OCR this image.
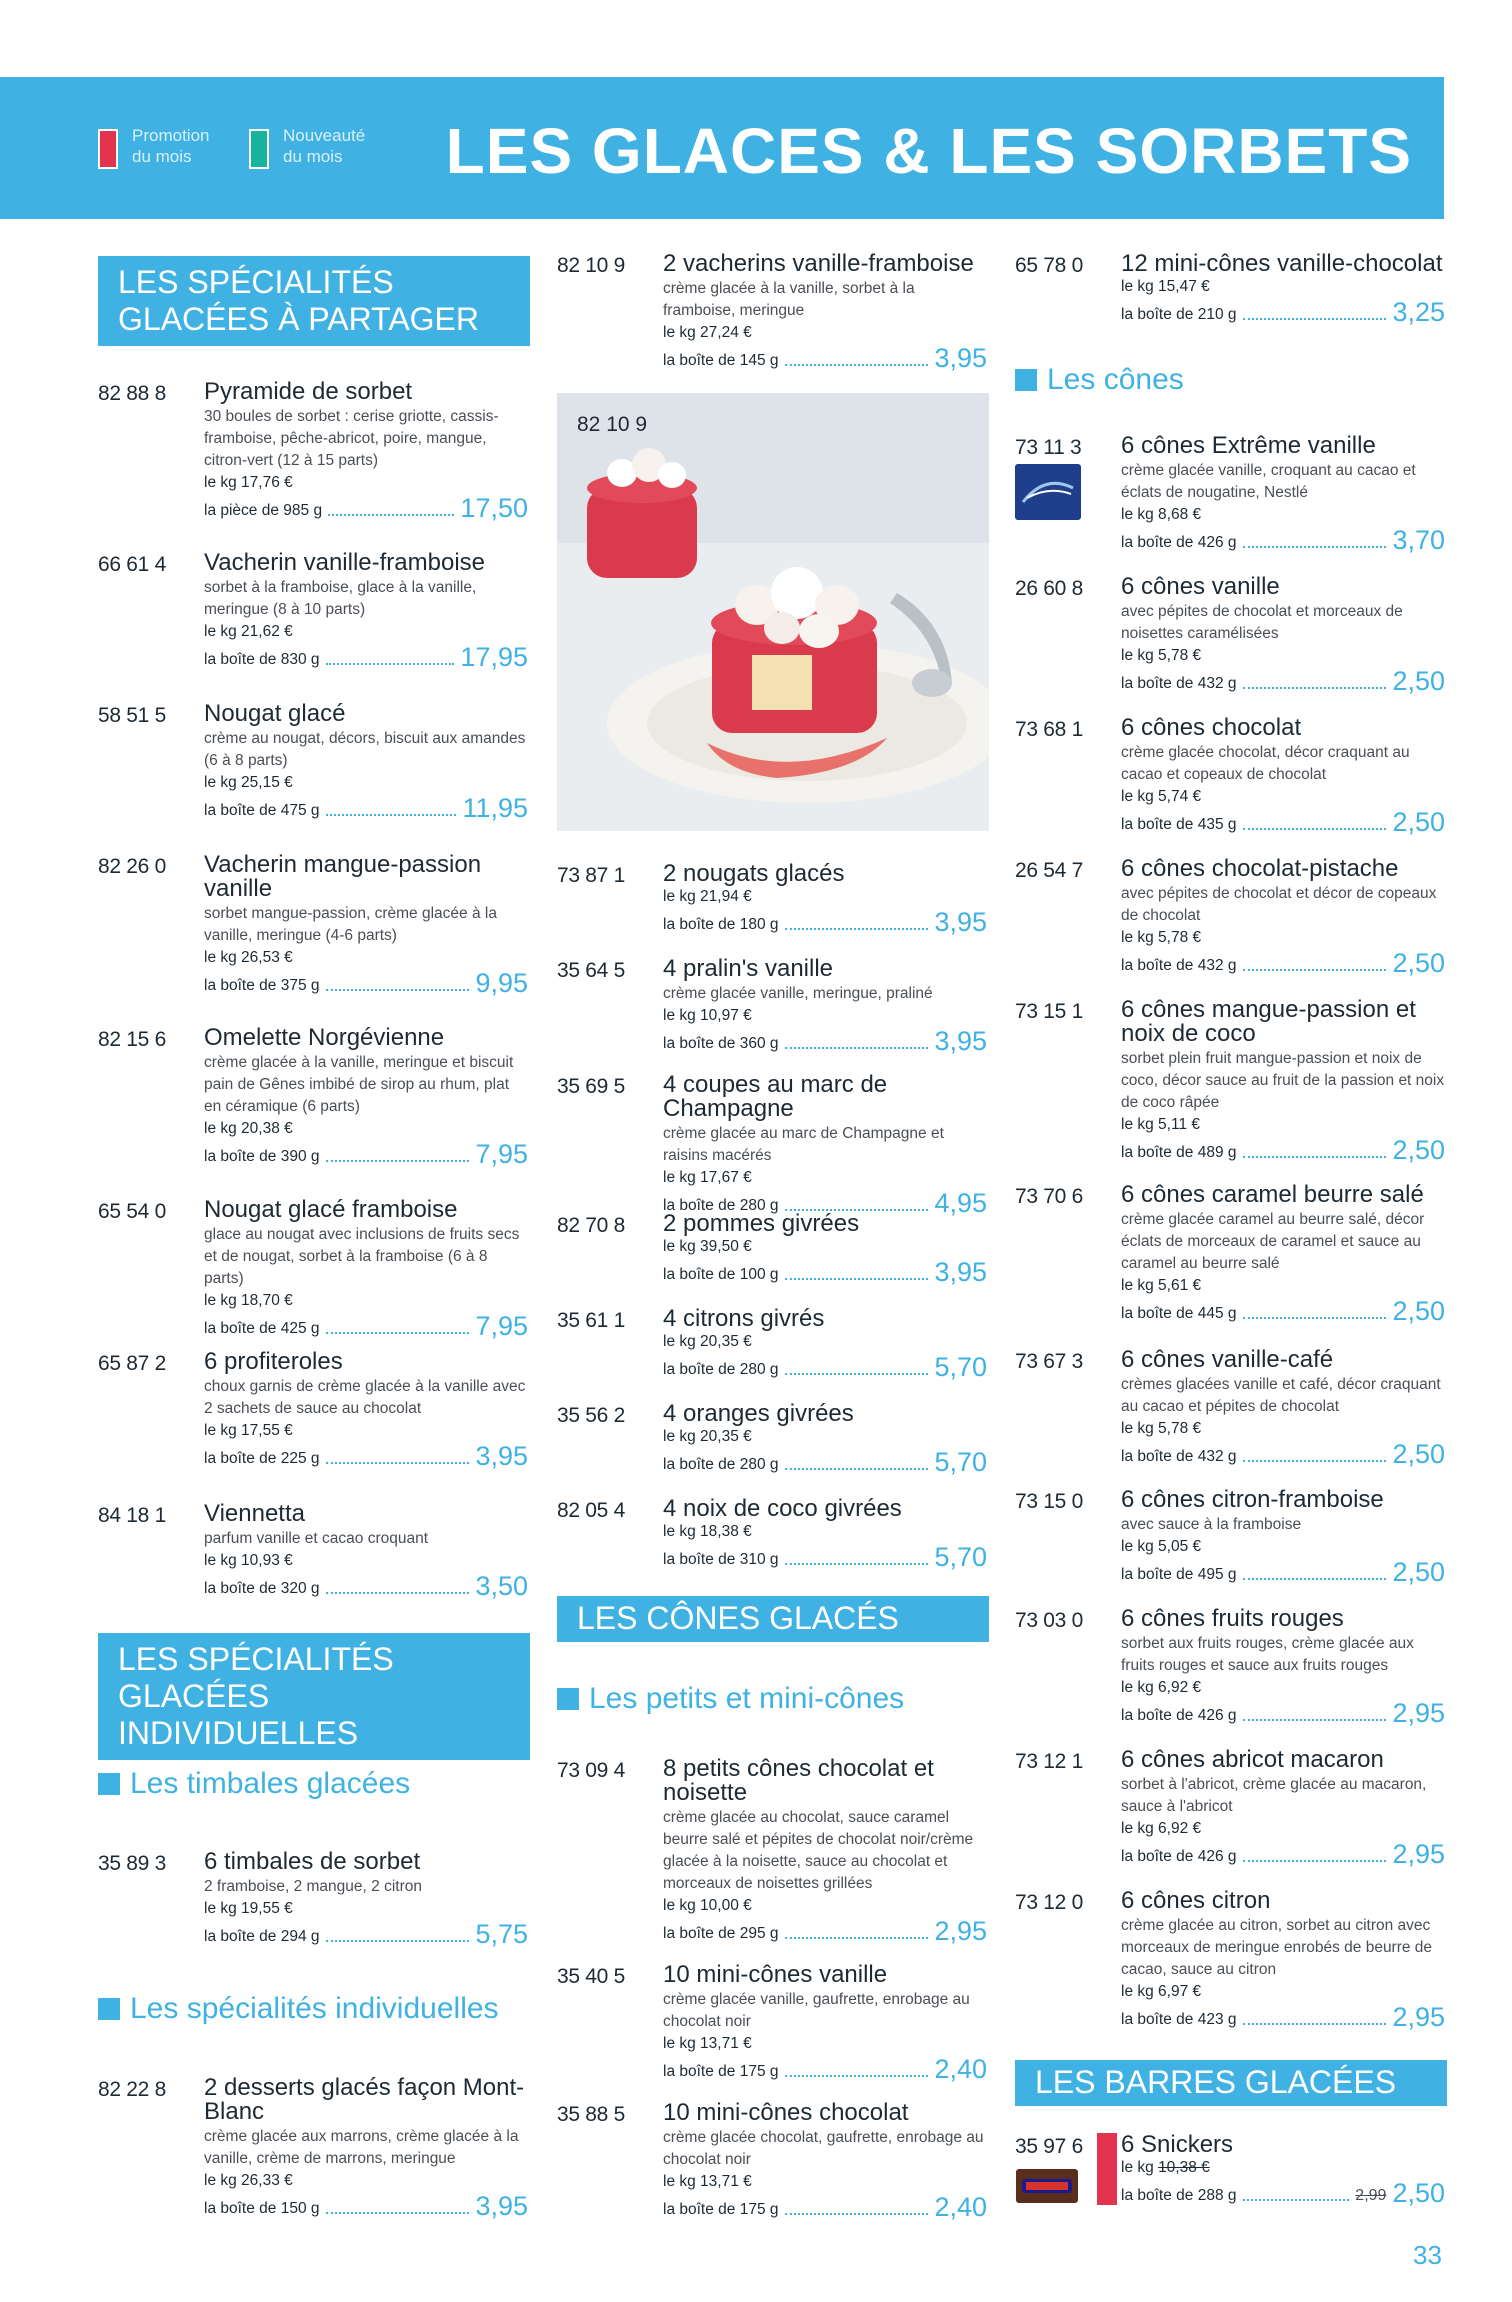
Promotion du mois
Nouveauté du mois	LES GLACES & LES SORBETS
LES SPÉCIALITÉS GLACÉES À PARTAGER
LES SPÉCIALITÉS GLACÉES INDIVIDUELLES
LES CÔNES GLACÉS
LES BARRES GLACÉES
Les timbales glacées
Les spécialités individuelles
Les petits et mini-cônes
Les cônes
82 10 9
82 88 8 Pyramide de sorbet
30 boules de sorbet : cerise griotte, cassis-framboise, pêche-abricot, poire, mangue, citron-vert (12 à 15 parts)
le kg 17,76 €
la pièce de 985 g	17,50
66 61 4 Vacherin vanille-framboise
sorbet à la framboise, glace à la vanille, meringue (8 à 10 parts)
le kg 21,62 €
la boîte de 830 g	17,95
58 51 5 Nougat glacé
crème au nougat, décors, biscuit aux amandes (6 à 8 parts)
le kg 25,15 €
la boîte de 475 g	11,95
82 26 0 Vacherin mangue-passion vanille
sorbet mangue-passion, crème glacée à la vanille, meringue (4-6 parts)
le kg 26,53 €
la boîte de 375 g	9,95
82 15 6 Omelette Norgévienne
crème glacée à la vanille, meringue et biscuit pain de Gênes imbibé de sirop au rhum, plat en céramique (6 parts)
le kg 20,38 €
la boîte de 390 g	7,95
65 54 0 Nougat glacé framboise
glace au nougat avec inclusions de fruits secs et de nougat, sorbet à la framboise (6 à 8 parts)
le kg 18,70 €
la boîte de 425 g	7,95
65 87 2 6 profiteroles
choux garnis de crème glacée à la vanille avec 2 sachets de sauce au chocolat
le kg 17,55 €
la boîte de 225 g	3,95
84 18 1 Viennetta
parfum vanille et cacao croquant
le kg 10,93 €
la boîte de 320 g	3,50
35 89 3 6 timbales de sorbet
2 framboise, 2 mangue, 2 citron
le kg 19,55 €
la boîte de 294 g	5,75
82 22 8 2 desserts glacés façon Mont-Blanc
crème glacée aux marrons, crème glacée à la vanille, crème de marrons, meringue
le kg 26,33 €
la boîte de 150 g	3,95
82 10 9 2 vacherins vanille-framboise
crème glacée à la vanille, sorbet à la framboise, meringue
le kg 27,24 €
la boîte de 145 g	3,95
73 87 1 2 nougats glacés
le kg 21,94 €
la boîte de 180 g	3,95
35 64 5 4 pralin's vanille
crème glacée vanille, meringue, praliné
le kg 10,97 €
la boîte de 360 g	3,95
35 69 5 4 coupes au marc de Champagne
crème glacée au marc de Champagne et raisins macérés
le kg 17,67 €
la boîte de 280 g	4,95
82 70 8 2 pommes givrées
le kg 39,50 €
la boîte de 100 g	3,95
35 61 1 4 citrons givrés
le kg 20,35 €
la boîte de 280 g	5,70
35 56 2 4 oranges givrées
le kg 20,35 €
la boîte de 280 g	5,70
82 05 4 4 noix de coco givrées
le kg 18,38 €
la boîte de 310 g	5,70
73 09 4 8 petits cônes chocolat et noisette
crème glacée au chocolat, sauce caramel beurre salé et pépites de chocolat noir/crème glacée à la noisette, sauce au chocolat et morceaux de noisettes grillées
le kg 10,00 €
la boîte de 295 g	2,95
35 40 5 10 mini-cônes vanille
crème glacée vanille, gaufrette, enrobage au chocolat noir
le kg 13,71 €
la boîte de 175 g	2,40
35 88 5 10 mini-cônes chocolat
crème glacée chocolat, gaufrette, enrobage au chocolat noir
le kg 13,71 €
la boîte de 175 g	2,40
65 78 0 12 mini-cônes vanille-chocolat
le kg 15,47 €
la boîte de 210 g	3,25
73 11 3 6 cônes Extrême vanille
crème glacée vanille, croquant au cacao et éclats de nougatine, Nestlé
le kg 8,68 €
la boîte de 426 g	3,70
26 60 8 6 cônes vanille
avec pépites de chocolat et morceaux de noisettes caramélisées
le kg 5,78 €
la boîte de 432 g	2,50
73 68 1 6 cônes chocolat
crème glacée chocolat, décor craquant au cacao et copeaux de chocolat
le kg 5,74 €
la boîte de 435 g	2,50
26 54 7 6 cônes chocolat-pistache
avec pépites de chocolat et décor de copeaux de chocolat
le kg 5,78 €
la boîte de 432 g	2,50
73 15 1 6 cônes mangue-passion et noix de coco
sorbet plein fruit mangue-passion et noix de coco, décor sauce au fruit de la passion et noix de coco râpée
le kg 5,11 €
la boîte de 489 g	2,50
73 70 6 6 cônes caramel beurre salé
crème glacée caramel au beurre salé, décor éclats de morceaux de caramel et sauce au caramel au beurre salé
le kg 5,61 €
la boîte de 445 g	2,50
73 67 3 6 cônes vanille-café
crèmes glacées vanille et café, décor craquant au cacao et pépites de chocolat
le kg 5,78 €
la boîte de 432 g	2,50
73 15 0 6 cônes citron-framboise
avec sauce à la framboise
le kg 5,05 €
la boîte de 495 g	2,50
73 03 0 6 cônes fruits rouges
sorbet aux fruits rouges, crème glacée aux fruits rouges et sauce aux fruits rouges
le kg 6,92 €
la boîte de 426 g	2,95
73 12 1 6 cônes abricot macaron
sorbet à l'abricot, crème glacée au macaron, sauce à l'abricot
le kg 6,92 €
la boîte de 426 g	2,95
73 12 0 6 cônes citron
crème glacée au citron, sorbet au citron avec morceaux de meringue enrobés de beurre de cacao, sauce au citron
le kg 6,97 €
la boîte de 423 g	2,95
35 97 6 6 Snickers
le kg 10,38 €
la boîte de 288 g	2,99 2,50
33
